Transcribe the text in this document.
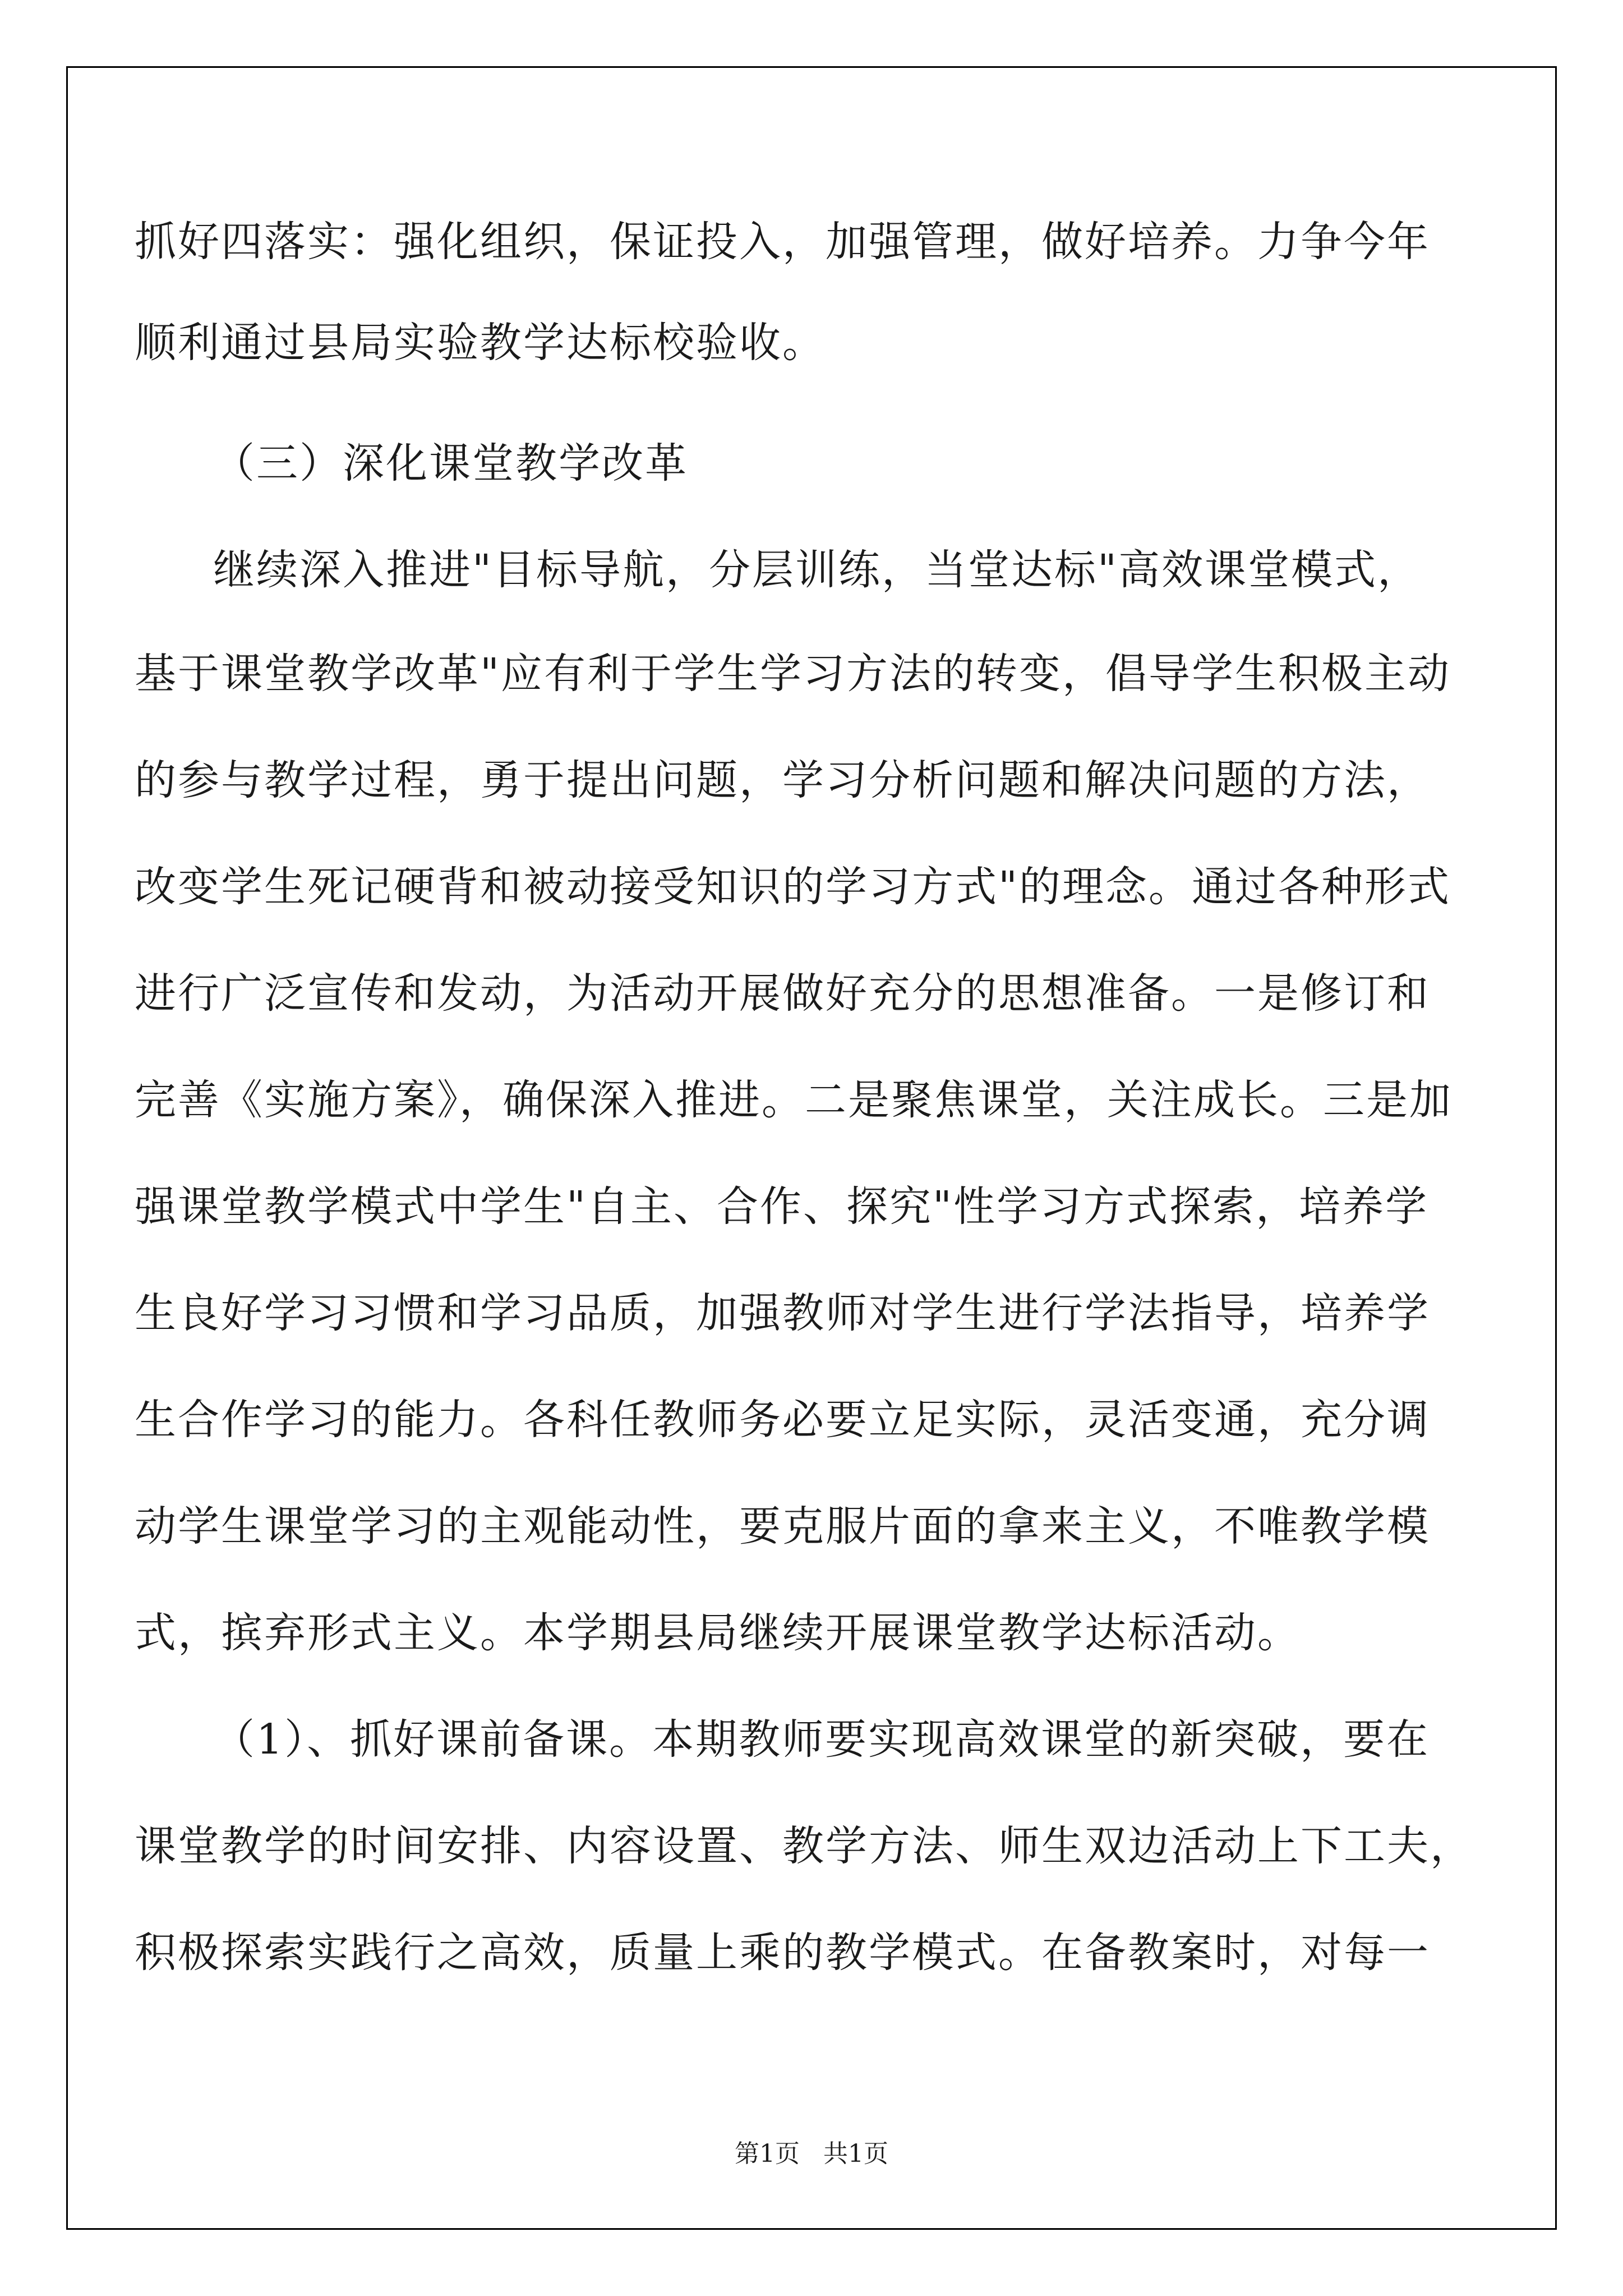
抓好四落实：强化组织，保证投入，加强管理，做好培养。力争今年
顺利通过县局实验教学达标校验收。
（三）深化课堂教学改革
继续深入推进"目标导航，分层训练，当堂达标"高效课堂模式，
基于课堂教学改革"应有利于学生学习方法的转变，倡导学生积极主动
的参与教学过程，勇于提出问题，学习分析问题和解决问题的方法，
改变学生死记硬背和被动接受知识的学习方式"的理念。通过各种形式
进行广泛宣传和发动，为活动开展做好充分的思想准备。一是修订和
完善《实施方案》，确保深入推进。二是聚焦课堂，关注成长。三是加
强课堂教学模式中学生"自主、合作、探究"性学习方式探索，培养学
生良好学习习惯和学习品质，加强教师对学生进行学法指导，培养学
生合作学习的能力。各科任教师务必要立足实际，灵活变通，充分调
动学生课堂学习的主观能动性，要克服片面的拿来主义，不唯教学模
式，摈弃形式主义。本学期县局继续开展课堂教学达标活动。
（1）、抓好课前备课。本期教师要实现高效课堂的新突破，要在
课堂教学的时间安排、内容设置、教学方法、师生双边活动上下工夫，
积极探索实践行之高效，质量上乘的教学模式。在备教案时，对每一
第1页 共1页
